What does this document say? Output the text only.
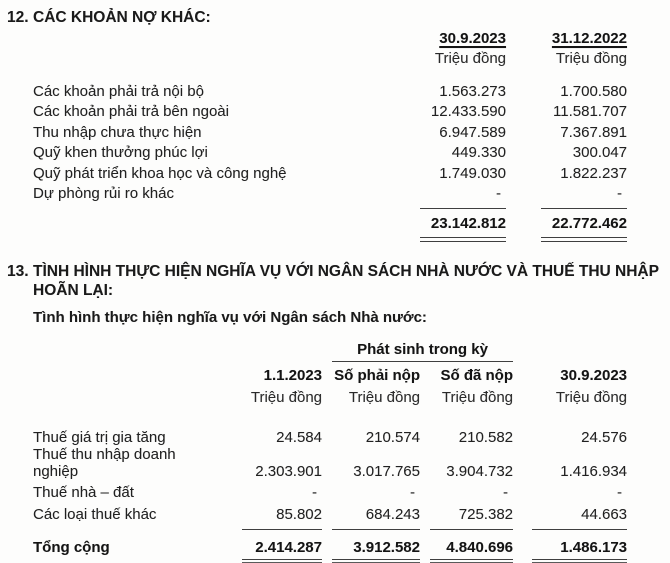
12. CÁC KHOẢN NỢ KHÁC:
	30.9.2023	31.12.2022
	Triệu đồng	Triệu đồng

Các khoản phải trả nội bộ	1.563.273	1.700.580
Các khoản phải trả bên ngoài	12.433.590	11.581.707
Thu nhập chưa thực hiện	6.947.589	7.367.891
Quỹ khen thưởng phúc lợi	449.330	300.047
Quỹ phát triển khoa học và công nghệ	1.749.030	1.822.237
Dự phòng rủi ro khác	-	-

	23.142.812	22.772.462

13. TÌNH HÌNH THỰC HIỆN NGHĨA VỤ VỚI NGÂN SÁCH NHÀ NƯỚC VÀ THUẾ THU NHẬP
HOÃN LẠI:

Tình hình thực hiện nghĩa vụ với Ngân sách Nhà nước:

		Phát sinh trong kỳ		

	1.1.2023	Số phải nộp	Số đã nộp	30.9.2023
	Triệu đồng	Triệu đồng	Triệu đồng	Triệu đồng

Thuế giá trị gia tăng	24.584	210.574	210.582	24.576
Thuế thu nhập doanh nghiệp	2.303.901	3.017.765	3.904.732	1.416.934
Thuế nhà – đất	-	-	-	-
Các loại thuế khác	85.802	684.243	725.382	44.663

Tổng cộng	2.414.287	3.912.582	4.840.696	1.486.173
